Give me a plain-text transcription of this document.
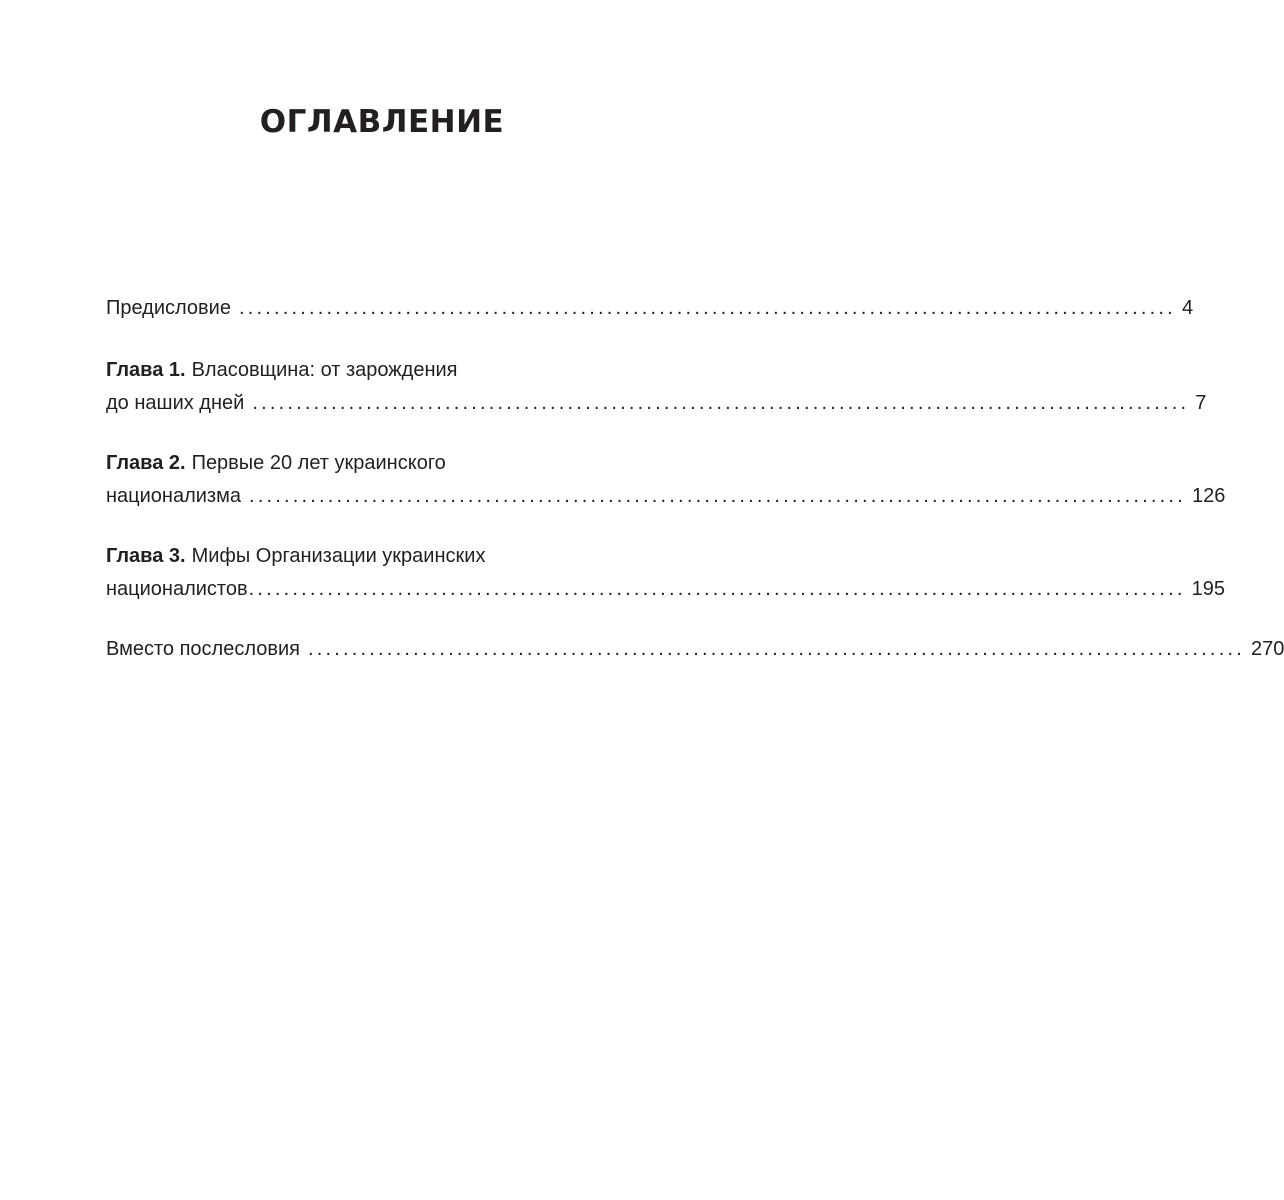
ОГЛАВЛЕНИЕ
Предисловие ........................................................................................................... 4
Глава 1. Власовщина: от зарождения
до наших дней ........................................................................................................... 7
Глава 2. Первые 20 лет украинского
национализма ........................................................................................................... 126
Глава 3. Мифы Организации украинских
националистов ........................................................................................................... 195
Вместо послесловия ........................................................................................................... 270
